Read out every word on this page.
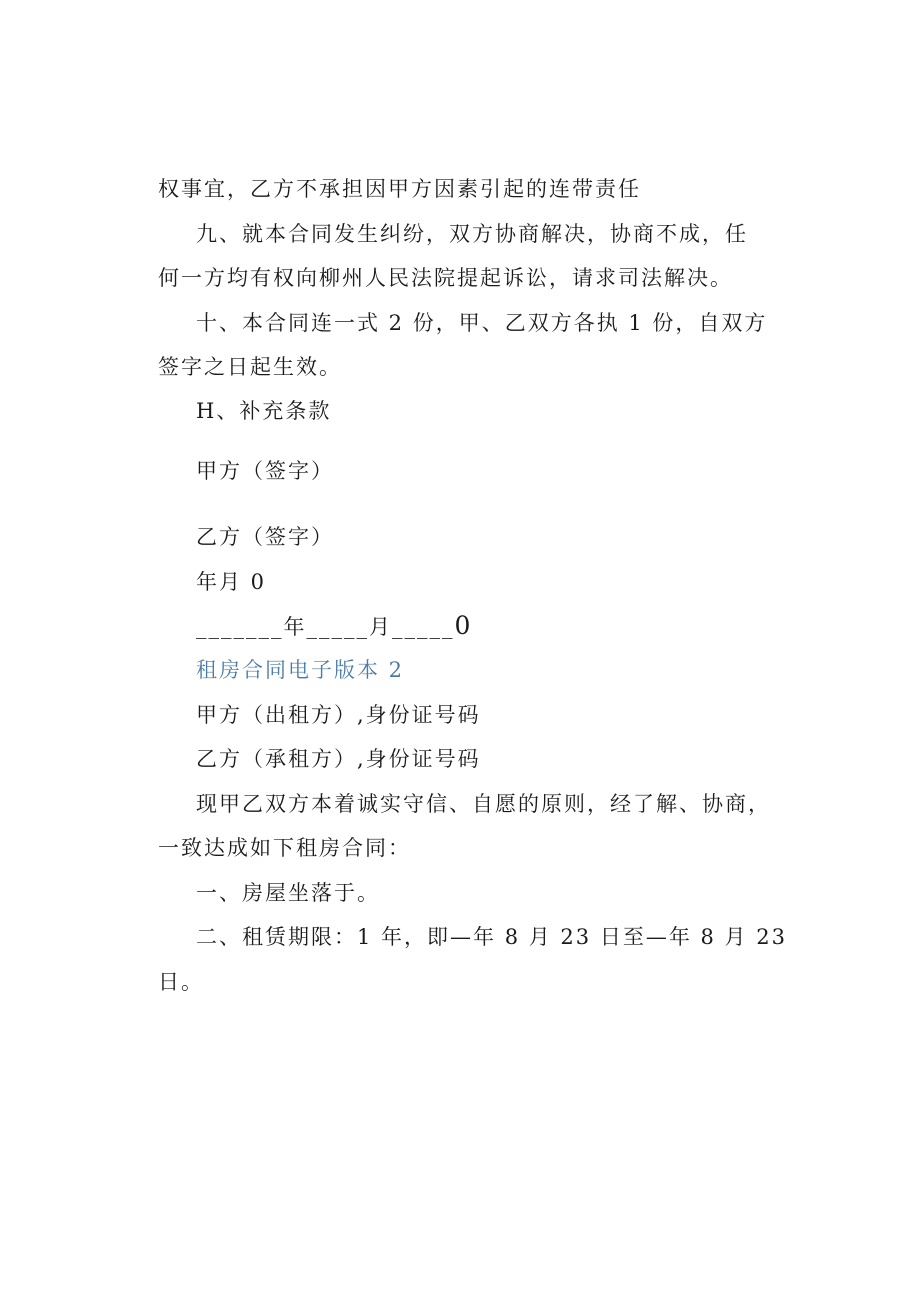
权事宜，乙方不承担因甲方因素引起的连带责任
九、就本合同发生纠纷，双方协商解决，协商不成，任
何一方均有权向柳州人民法院提起诉讼，请求司法解决。
十、本合同连一式 2 份，甲、乙双方各执 1 份，自双方
签字之日起生效。
H、补充条款
甲方（签字）
乙方（签字）
年月 0
_______年_____月_____0
租房合同电子版本 2
甲方（出租方）,身份证号码
乙方（承租方）,身份证号码
现甲乙双方本着诚实守信、自愿的原则，经了解、协商，
一致达成如下租房合同：
一、房屋坐落于。
二、租赁期限：1 年，即—年 8 月 23 日至—年 8 月 23
日。
